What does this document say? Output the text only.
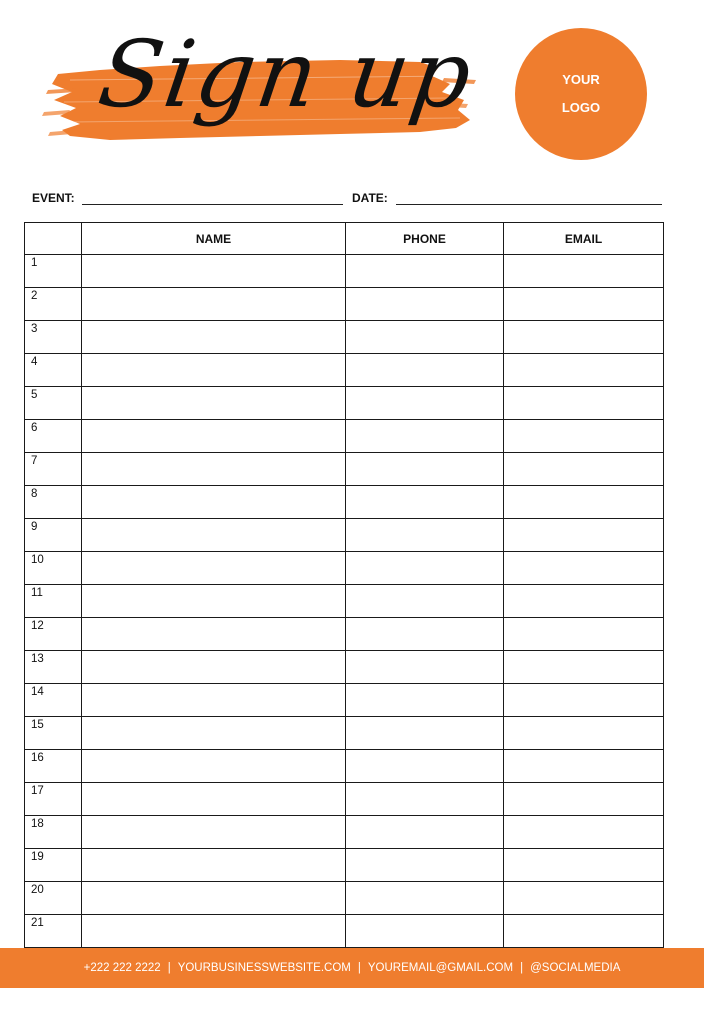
Sign up	YOUR
LOGO
EVENT:	DATE:
	NAME	PHONE	EMAIL
1			
2			
3			
4			
5			
6			
7			
8			
9			
10			
11			
12			
13			
14			
15			
16			
17			
18			
19			
20			
21			
+222 222 2222 | YOURBUSINESSWEBSITE.COM | YOUREMAIL@GMAIL.COM | @SOCIALMEDIA
